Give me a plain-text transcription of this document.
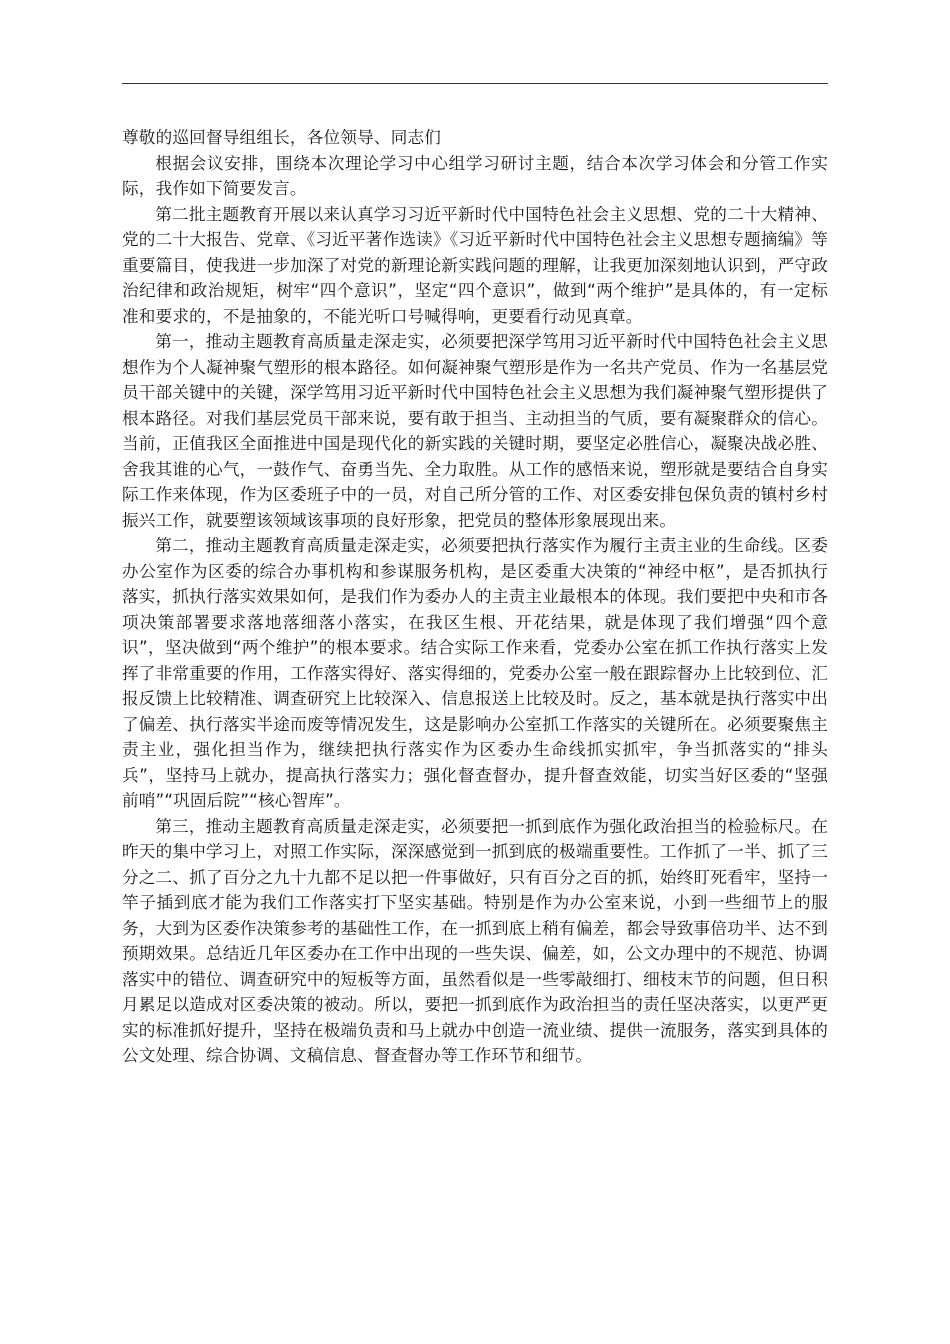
尊敬的巡回督导组组长，各位领导、同志们

根据会议安排，围绕本次理论学习中心组学习研讨主题，结合本次学习体会和分管工作实际，我作如下简要发言。

第二批主题教育开展以来认真学习习近平新时代中国特色社会主义思想、党的二十大精神、党的二十大报告、党章、《习近平著作选读》《习近平新时代中国特色社会主义思想专题摘编》等重要篇目，使我进一步加深了对党的新理论新实践问题的理解，让我更加深刻地认识到，严守政治纪律和政治规矩，树牢“四个意识”，坚定“四个意识”，做到“两个维护”是具体的，有一定标准和要求的，不是抽象的，不能光听口号喊得响，更要看行动见真章。

第一，推动主题教育高质量走深走实，必须要把深学笃用习近平新时代中国特色社会主义思想作为个人凝神聚气塑形的根本路径。如何凝神聚气塑形是作为一名共产党员、作为一名基层党员干部关键中的关键，深学笃用习近平新时代中国特色社会主义思想为我们凝神聚气塑形提供了根本路径。对我们基层党员干部来说，要有敢于担当、主动担当的气质，要有凝聚群众的信心。当前，正值我区全面推进中国是现代化的新实践的关键时期，要坚定必胜信心，凝聚决战必胜、舍我其谁的心气，一鼓作气、奋勇当先、全力取胜。从工作的感悟来说，塑形就是要结合自身实际工作来体现，作为区委班子中的一员，对自己所分管的工作、对区委安排包保负责的镇村乡村振兴工作，就要塑该领域该事项的良好形象，把党员的整体形象展现出来。

第二，推动主题教育高质量走深走实，必须要把执行落实作为履行主责主业的生命线。区委办公室作为区委的综合办事机构和参谋服务机构，是区委重大决策的“神经中枢”，是否抓执行落实，抓执行落实效果如何，是我们作为委办人的主责主业最根本的体现。我们要把中央和市各项决策部署要求落地落细落小落实，在我区生根、开花结果，就是体现了我们增强“四个意识”，坚决做到“两个维护”的根本要求。结合实际工作来看，党委办公室在抓工作执行落实上发挥了非常重要的作用，工作落实得好、落实得细的，党委办公室一般在跟踪督办上比较到位、汇报反馈上比较精准、调查研究上比较深入、信息报送上比较及时。反之，基本就是执行落实中出了偏差、执行落实半途而废等情况发生，这是影响办公室抓工作落实的关键所在。必须要聚焦主责主业，强化担当作为，继续把执行落实作为区委办生命线抓实抓牢，争当抓落实的“排头兵”，坚持马上就办，提高执行落实力；强化督查督办，提升督查效能，切实当好区委的“坚强前哨”“巩固后院”“核心智库”。

第三，推动主题教育高质量走深走实，必须要把一抓到底作为强化政治担当的检验标尺。在昨天的集中学习上，对照工作实际，深深感觉到一抓到底的极端重要性。工作抓了一半、抓了三分之二、抓了百分之九十九都不足以把一件事做好，只有百分之百的抓，始终盯死看牢，坚持一竿子插到底才能为我们工作落实打下坚实基础。特别是作为办公室来说，小到一些细节上的服务，大到为区委作决策参考的基础性工作，在一抓到底上稍有偏差，都会导致事倍功半、达不到预期效果。总结近几年区委办在工作中出现的一些失误、偏差，如，公文办理中的不规范、协调落实中的错位、调查研究中的短板等方面，虽然看似是一些零敲细打、细枝末节的问题，但日积月累足以造成对区委决策的被动。所以，要把一抓到底作为政治担当的责任坚决落实，以更严更实的标准抓好提升，坚持在极端负责和马上就办中创造一流业绩、提供一流服务，落实到具体的公文处理、综合协调、文稿信息、督查督办等工作环节和细节。
